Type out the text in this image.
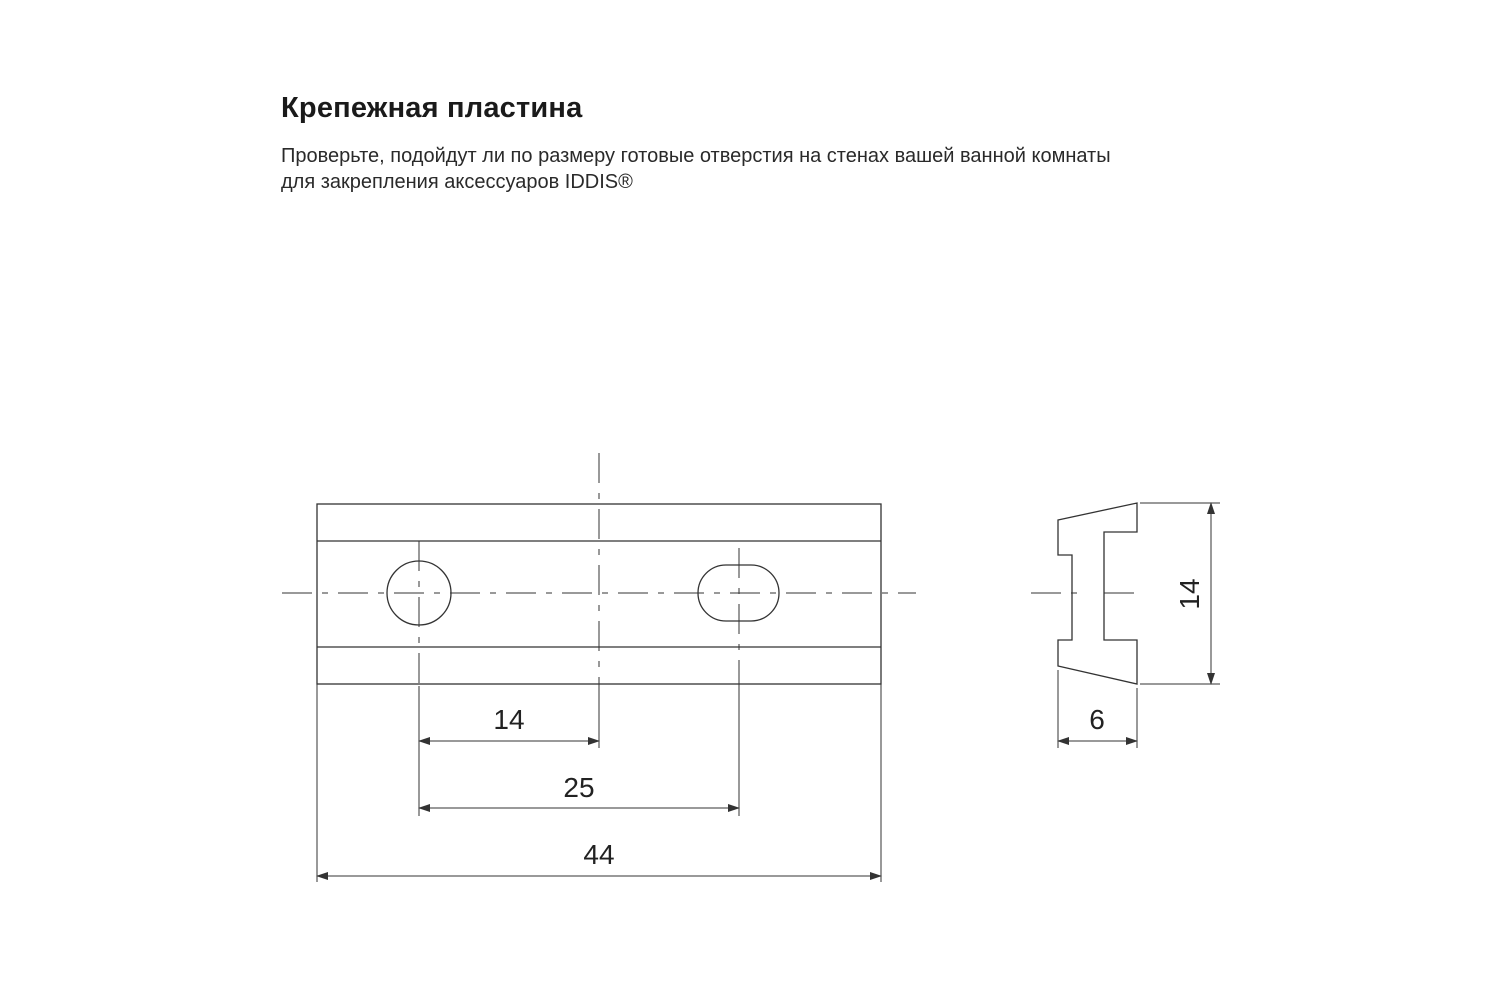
Крепежная пластина

Проверьте, подойдут ли по размеру готовые отверстия на стенах вашей ванной комнаты
для закрепления аксессуаров IDDIS®

14
25
44
14
6
